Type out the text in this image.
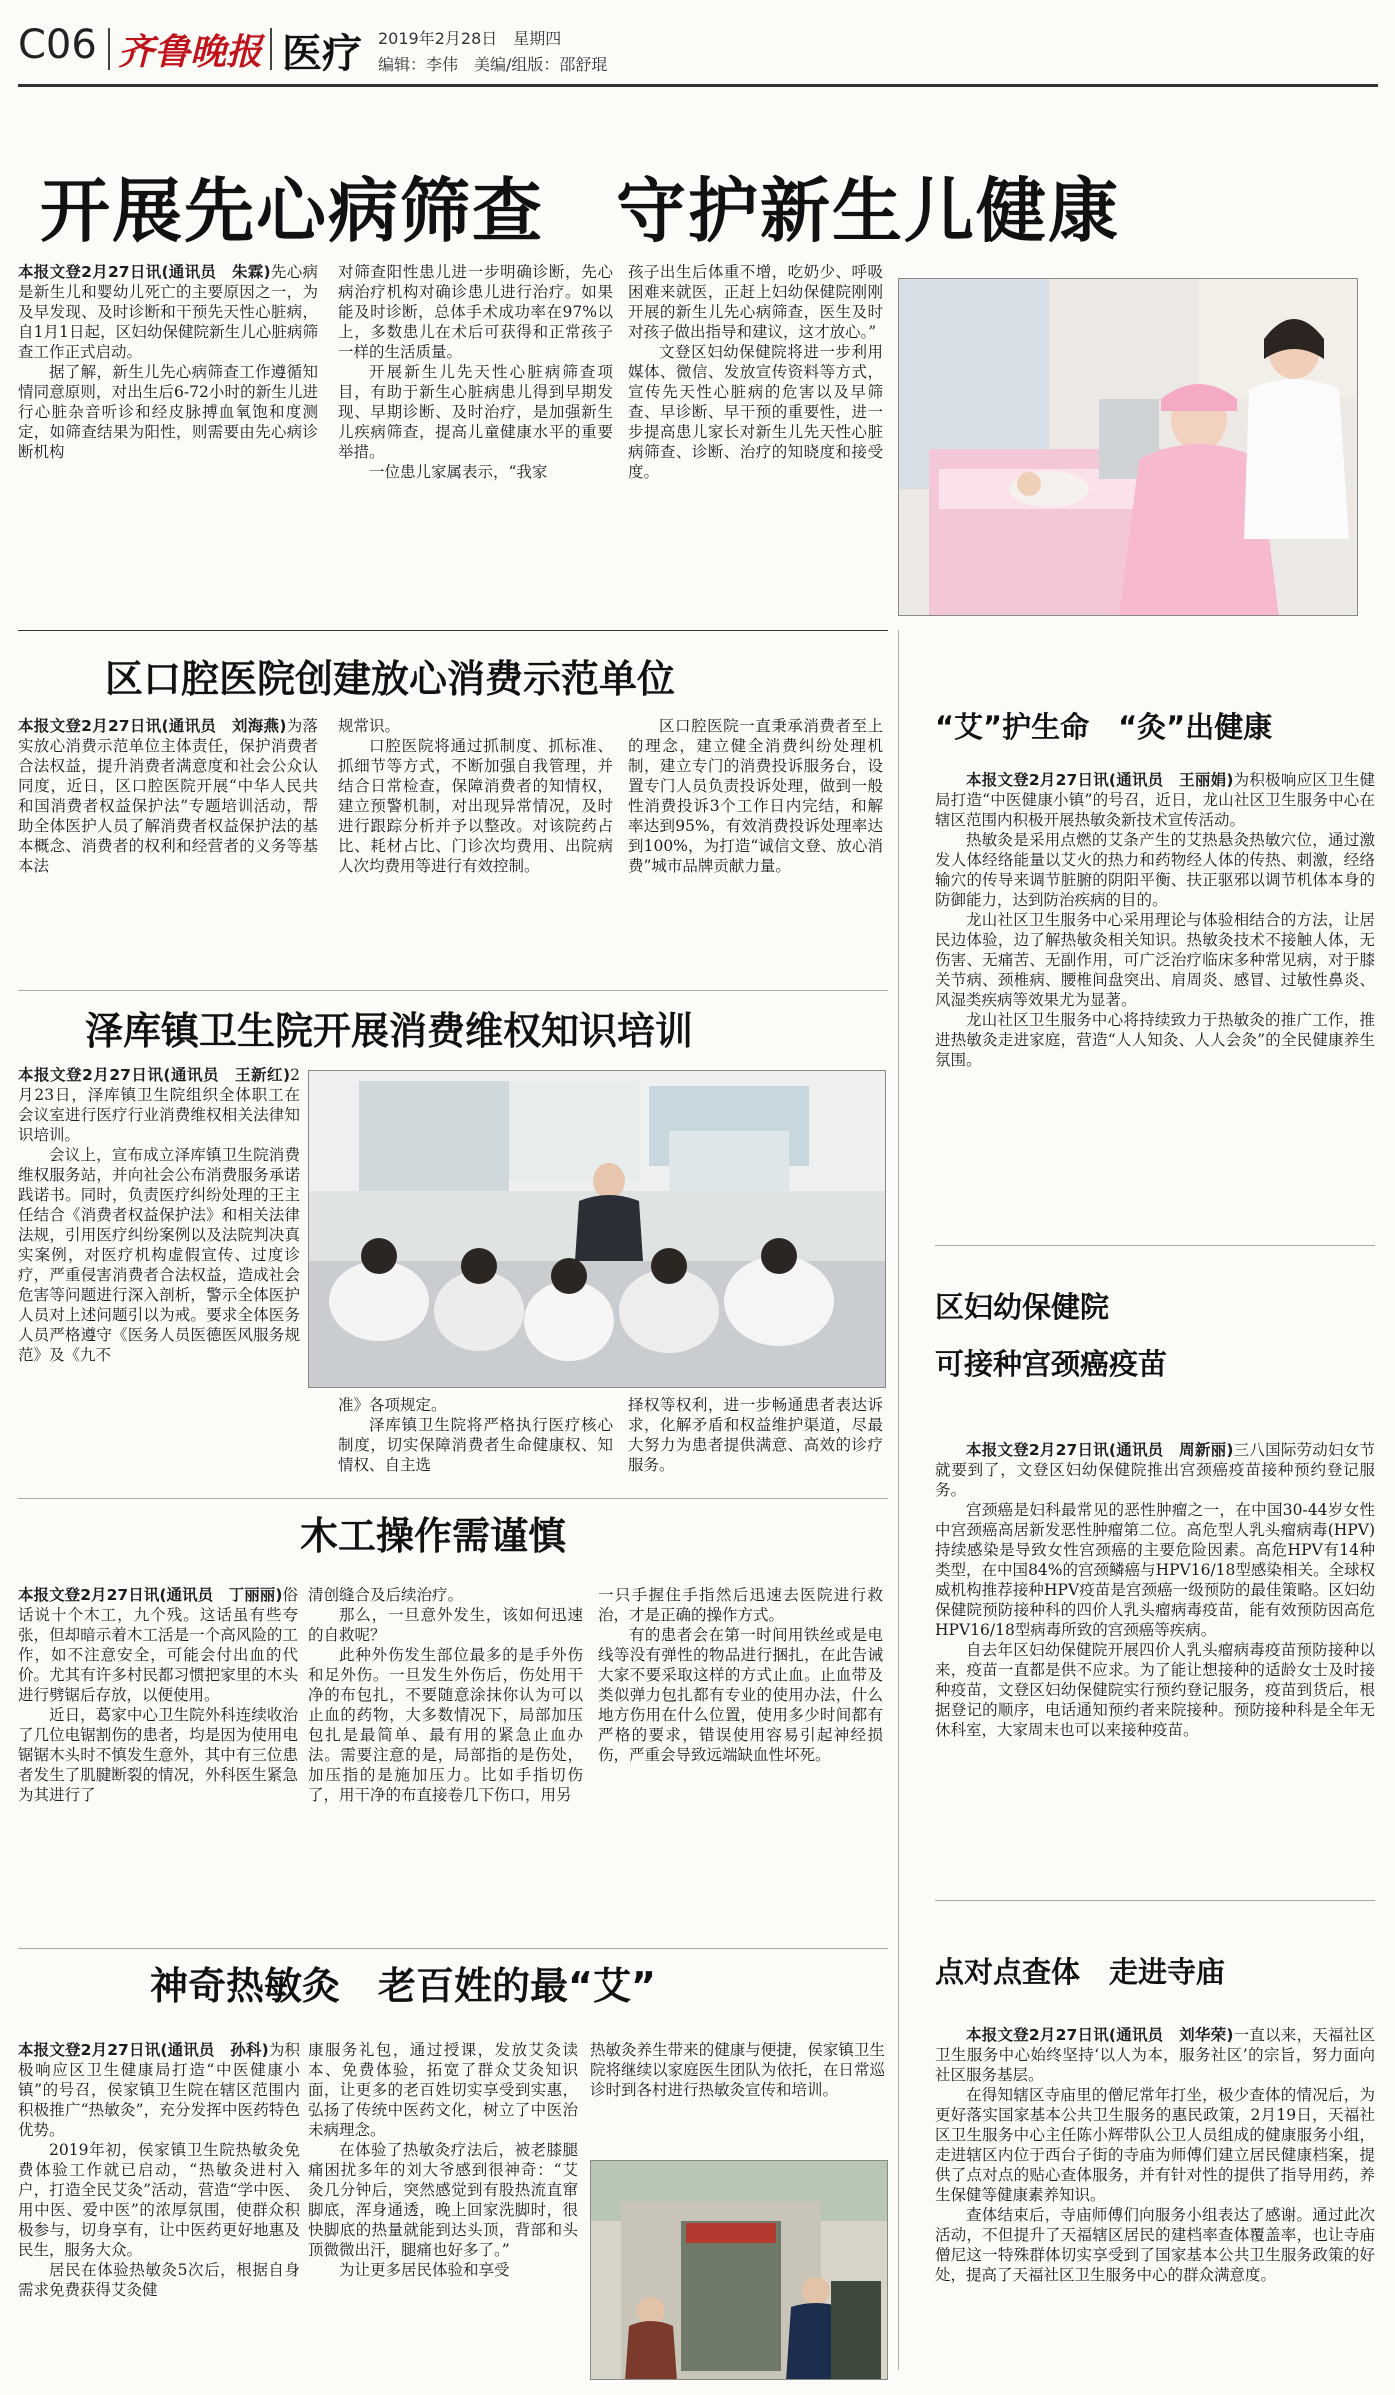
C06 齐鲁晚报 医疗 2019年2月28日　星期四
编辑：李伟　美编/组版：邵舒琨
开展先心病筛查　守护新生儿健康

本报文登2月27日讯(通讯员　朱霖)先心病是新生儿和婴幼儿死亡的主要原因之一，为及早发现、及时诊断和干预先天性心脏病，自1月1日起，区妇幼保健院新生儿心脏病筛查工作正式启动。

据了解，新生儿先心病筛查工作遵循知情同意原则，对出生后6-72小时的新生儿进行心脏杂音听诊和经皮脉搏血氧饱和度测定，如筛查结果为阳性，则需要由先心病诊断机构

对筛查阳性患儿进一步明确诊断，先心病治疗机构对确诊患儿进行治疗。如果能及时诊断，总体手术成功率在97%以上，多数患儿在术后可获得和正常孩子一样的生活质量。

开展新生儿先天性心脏病筛查项目，有助于新生心脏病患儿得到早期发现、早期诊断、及时治疗，是加强新生儿疾病筛查，提高儿童健康水平的重要举措。

一位患儿家属表示，“我家

孩子出生后体重不增，吃奶少、呼吸困难来就医，正赶上妇幼保健院刚刚开展的新生儿先心病筛查，医生及时对孩子做出指导和建议，这才放心。”

文登区妇幼保健院将进一步利用媒体、微信、发放宣传资料等方式，宣传先天性心脏病的危害以及早筛查、早诊断、早干预的重要性，进一步提高患儿家长对新生儿先天性心脏病筛查、诊断、治疗的知晓度和接受度。

区口腔医院创建放心消费示范单位

本报文登2月27日讯(通讯员　刘海燕)为落实放心消费示范单位主体责任，保护消费者合法权益，提升消费者满意度和社会公众认同度，近日，区口腔医院开展“中华人民共和国消费者权益保护法”专题培训活动，帮助全体医护人员了解消费者权益保护法的基本概念、消费者的权利和经营者的义务等基本法

规常识。

口腔医院将通过抓制度、抓标准、抓细节等方式，不断加强自我管理，并结合日常检查，保障消费者的知情权，建立预警机制，对出现异常情况，及时进行跟踪分析并予以整改。对该院药占比、耗材占比、门诊次均费用、出院病人次均费用等进行有效控制。

区口腔医院一直秉承消费者至上的理念，建立健全消费纠纷处理机制，建立专门的消费投诉服务台，设置专门人员负责投诉处理，做到一般性消费投诉3个工作日内完结，和解率达到95%，有效消费投诉处理率达到100%，为打造“诚信文登、放心消费”城市品牌贡献力量。

泽库镇卫生院开展消费维权知识培训

本报文登2月27日讯(通讯员　王新红)2月23日，泽库镇卫生院组织全体职工在会议室进行医疗行业消费维权相关法律知识培训。

会议上，宣布成立泽库镇卫生院消费维权服务站，并向社会公布消费服务承诺践诺书。同时，负责医疗纠纷处理的王主任结合《消费者权益保护法》和相关法律法规，引用医疗纠纷案例以及法院判决真实案例，对医疗机构虚假宣传、过度诊疗，严重侵害消费者合法权益，造成社会危害等问题进行深入剖析，警示全体医护人员对上述问题引以为戒。要求全体医务人员严格遵守《医务人员医德医风服务规范》及《九不

准》各项规定。

泽库镇卫生院将严格执行医疗核心制度，切实保障消费者生命健康权、知情权、自主选

择权等权利，进一步畅通患者表达诉求，化解矛盾和权益维护渠道，尽最大努力为患者提供满意、高效的诊疗服务。

木工操作需谨慎

本报文登2月27日讯(通讯员　丁丽丽)俗话说十个木工，九个残。这话虽有些夸张，但却暗示着木工活是一个高风险的工作，如不注意安全，可能会付出血的代价。尤其有许多村民都习惯把家里的木头进行劈锯后存放，以便使用。

近日，葛家中心卫生院外科连续收治了几位电锯割伤的患者，均是因为使用电锯锯木头时不慎发生意外，其中有三位患者发生了肌腱断裂的情况，外科医生紧急为其进行了

清创缝合及后续治疗。

那么，一旦意外发生，该如何迅速的自救呢？

此种外伤发生部位最多的是手外伤和足外伤。一旦发生外伤后，伤处用干净的布包扎，不要随意涂抹你认为可以止血的药物，大多数情况下，局部加压包扎是最简单、最有用的紧急止血办法。需要注意的是，局部指的是伤处，加压指的是施加压力。比如手指切伤了，用干净的布直接卷几下伤口，用另

一只手握住手指然后迅速去医院进行救治，才是正确的操作方式。

有的患者会在第一时间用铁丝或是电线等没有弹性的物品进行捆扎，在此告诫大家不要采取这样的方式止血。止血带及类似弹力包扎都有专业的使用办法，什么地方伤用在什么位置，使用多少时间都有严格的要求，错误使用容易引起神经损伤，严重会导致远端缺血性坏死。

神奇热敏灸　老百姓的最“艾”

本报文登2月27日讯(通讯员　孙科)为积极响应区卫生健康局打造“中医健康小镇”的号召，侯家镇卫生院在辖区范围内积极推广“热敏灸”，充分发挥中医药特色优势。

2019年初，侯家镇卫生院热敏灸免费体验工作就已启动，“热敏灸进村入户，打造全民艾灸”活动，营造“学中医、用中医、爱中医”的浓厚氛围，使群众积极参与，切身享有，让中医药更好地惠及民生，服务大众。

居民在体验热敏灸5次后，根据自身需求免费获得艾灸健

康服务礼包，通过授课，发放艾灸读本、免费体验，拓宽了群众艾灸知识面，让更多的老百姓切实享受到实惠，弘扬了传统中医药文化，树立了中医治未病理念。

在体验了热敏灸疗法后，被老膝腿痛困扰多年的刘大爷感到很神奇：“艾灸几分钟后，突然感觉到有股热流直窜脚底，浑身通透，晚上回家洗脚时，很快脚底的热量就能到达头顶，背部和头顶微微出汗，腿痛也好多了。”

为让更多居民体验和享受

热敏灸养生带来的健康与便捷，侯家镇卫生院将继续以家庭医生团队为依托，在日常巡诊时到各村进行热敏灸宣传和培训。

“艾”护生命　“灸”出健康

本报文登2月27日讯(通讯员　王丽娟)为积极响应区卫生健局打造“中医健康小镇”的号召，近日，龙山社区卫生服务中心在辖区范围内积极开展热敏灸新技术宣传活动。

热敏灸是采用点燃的艾条产生的艾热悬灸热敏穴位，通过激发人体经络能量以艾火的热力和药物经人体的传热、刺激，经络输穴的传导来调节脏腑的阴阳平衡、扶正驱邪以调节机体本身的防御能力，达到防治疾病的目的。

龙山社区卫生服务中心采用理论与体验相结合的方法，让居民边体验，边了解热敏灸相关知识。热敏灸技术不接触人体，无伤害、无痛苦、无副作用，可广泛治疗临床多种常见病，对于膝关节病、颈椎病、腰椎间盘突出、肩周炎、感冒、过敏性鼻炎、风湿类疾病等效果尤为显著。

龙山社区卫生服务中心将持续致力于热敏灸的推广工作，推进热敏灸走进家庭，营造“人人知灸、人人会灸”的全民健康养生氛围。

区妇幼保健院
可接种宫颈癌疫苗

本报文登2月27日讯(通讯员　周新丽)三八国际劳动妇女节就要到了，文登区妇幼保健院推出宫颈癌疫苗接种预约登记服务。

宫颈癌是妇科最常见的恶性肿瘤之一，在中国30-44岁女性中宫颈癌高居新发恶性肿瘤第二位。高危型人乳头瘤病毒(HPV)持续感染是导致女性宫颈癌的主要危险因素。高危HPV有14种类型，在中国84%的宫颈鳞癌与HPV16/18型感染相关。全球权威机构推荐接种HPV疫苗是宫颈癌一级预防的最佳策略。区妇幼保健院预防接种科的四价人乳头瘤病毒疫苗，能有效预防因高危HPV16/18型病毒所致的宫颈癌等疾病。

自去年区妇幼保健院开展四价人乳头瘤病毒疫苗预防接种以来，疫苗一直都是供不应求。为了能让想接种的适龄女士及时接种疫苗，文登区妇幼保健院实行预约登记服务，疫苗到货后，根据登记的顺序，电话通知预约者来院接种。预防接种科是全年无休科室，大家周末也可以来接种疫苗。

点对点查体　走进寺庙

本报文登2月27日讯(通讯员　刘华荣)一直以来，天福社区卫生服务中心始终坚持‘以人为本，服务社区’的宗旨，努力面向社区服务基层。

在得知辖区寺庙里的僧尼常年打坐，极少查体的情况后，为更好落实国家基本公共卫生服务的惠民政策，2月19日，天福社区卫生服务中心主任陈小辉带队公卫人员组成的健康服务小组，走进辖区内位于西台子街的寺庙为师傅们建立居民健康档案，提供了点对点的贴心查体服务，并有针对性的提供了指导用药，养生保健等健康素养知识。

查体结束后，寺庙师傅们向服务小组表达了感谢。通过此次活动，不但提升了天福辖区居民的建档率查体覆盖率，也让寺庙僧尼这一特殊群体切实享受到了国家基本公共卫生服务政策的好处，提高了天福社区卫生服务中心的群众满意度。
